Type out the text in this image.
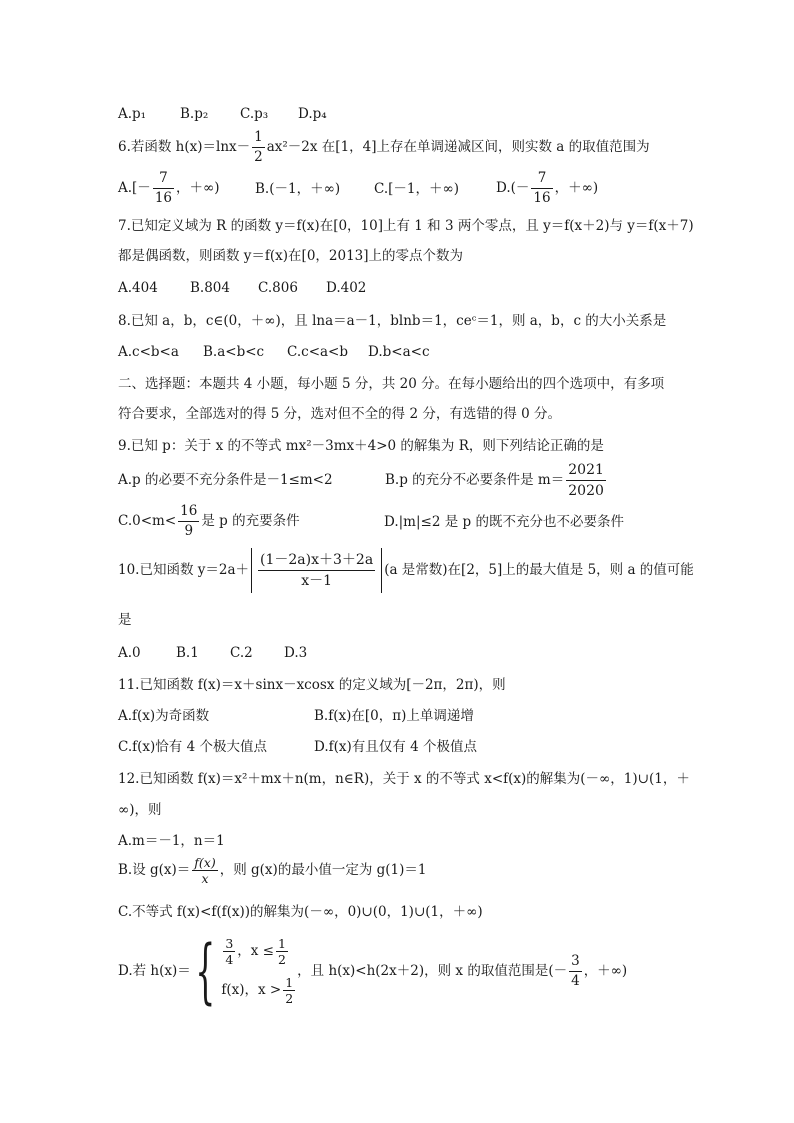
A.p₁	B.p₂ C.p₃ D.p₄
6.若函数 $h(x)=\ln x- \frac{1}{2} ax^2-2x$ 在[1，4]上存在单调递减区间，则实数 a 的取值范围为
$A.[- \frac{7}{16}$ ，＋∞)	B.(－1，＋∞)	C.[－1，＋∞)	$D.(- \frac{7}{16}$ ，＋∞)
7.已知定义域为 R 的函数 y＝f(x)在[0，10]上有 1 和 3 两个零点，且 y＝f(x＋2)与 y＝f(x＋7)
都是偶函数，则函数 y＝f(x)在[0，2013]上的零点个数为
A.404 B.804 C.806 D.402
8.已知 a，b，c∈(0，＋∞)，且 lna＝a－1，blnb＝1，ceᶜ＝1，则 a，b，c 的大小关系是
A.c<b<a B.a<b<c C.c<a<b D.b<a<c
二、选择题：本题共 4 小题，每小题 5 分，共 20 分。在每小题给出的四个选项中，有多项
符合要求，全部选对的得 5 分，选对但不全的得 2 分，有选错的得 0 分。
9.已知 p：关于 x 的不等式 mx²－3mx＋4>0 的解集为 R，则下列结论正确的是
A.p 的必要不充分条件是－1≤m<2	B.p 的充分不必要条件是 $m= \frac{2021}{2020}$
$C.0<m< \frac{16}{9}$ 是 p 的充要条件	D.|m|≤2 是 p 的既不充分也不必要条件
10.已知函数 $y=2a+ \frac{(1-2a)x+3+2a}{x-1} (a$ 是常数)在[2，5]上的最大值是 5，则 a 的值可能
是
A.0	B.1 C.2 D.3
11.已知函数 f(x)＝x＋sinx－xcosx 的定义域为[－2π，2π)，则
A.f(x)为奇函数	B.f(x)在[0，π)上单调递增
C.f(x)恰有 4 个极大值点	D.f(x)有且仅有 4 个极值点
12.已知函数 f(x)＝x²＋mx＋n(m，n∈R)，关于 x 的不等式 x<f(x)的解集为(－∞，1)∪(1，＋
∞)，则
A.m＝－1，n＝1
B.设 $g(x)= \frac{f(x)}{x}$ ，则 g(x)的最小值一定为 g(1)＝1
C.不等式 f(x)<f(f(x))的解集为(－∞，0)∪(0，1)∪(1，＋∞)
D.若 $h(x)=\{ \frac{3}{4}$ ，$x \le \frac{1}{2}$
f(x)，$x > \frac{1}{2}$
，且 h(x)<h(2x＋2)，则 x 的取值范围是(－ $\frac{3}{4}$ ，＋∞)
